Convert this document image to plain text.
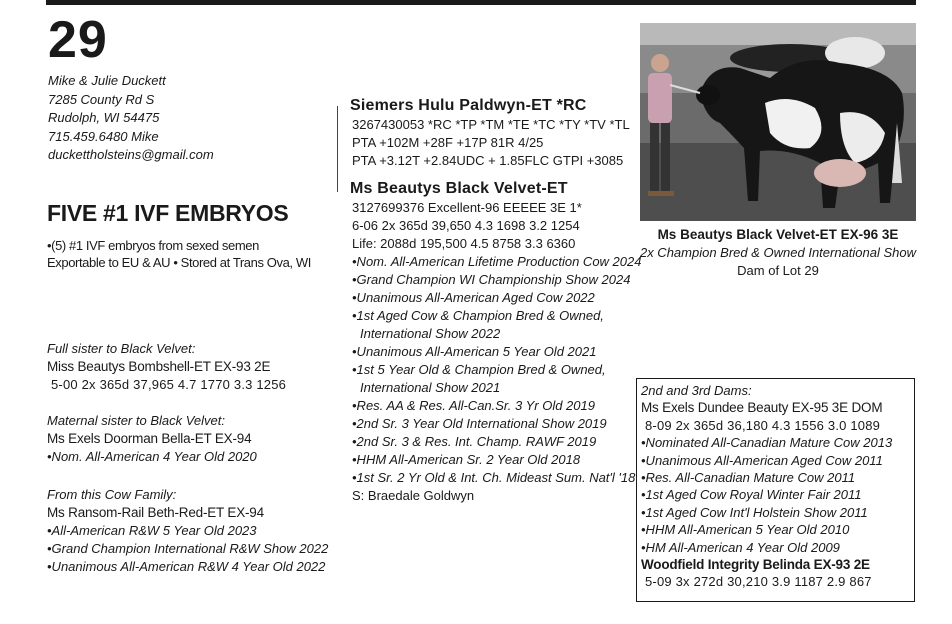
29
Mike & Julie Duckett
7285 County Rd S
Rudolph, WI 54475
715.459.6480 Mike
duckettholsteins@gmail.com
FIVE #1 IVF EMBRYOS
•(5) #1 IVF embryos from sexed semen
Exportable to EU & AU • Stored at Trans Ova, WI
Full sister to Black Velvet:
Miss Beautys Bombshell-ET EX-93 2E
5-00 2x 365d 37,965 4.7 1770 3.3 1256
Maternal sister to Black Velvet:
Ms Exels Doorman Bella-ET EX-94
•Nom. All-American 4 Year Old 2020
From this Cow Family:
Ms Ransom-Rail Beth-Red-ET EX-94
•All-American R&W 5 Year Old 2023
•Grand Champion International R&W Show 2022
•Unanimous All-American R&W 4 Year Old 2022
Siemers Hulu Paldwyn-ET *RC
3267430053 *RC *TP *TM *TE *TC *TY *TV *TL
PTA +102M +28F +17P 81R 4/25
PTA +3.12T +2.84UDC + 1.85FLC GTPI +3085
Ms Beautys Black Velvet-ET
3127699376 Excellent-96 EEEEE 3E 1*
6-06 2x 365d 39,650 4.3 1698 3.2 1254
Life: 2088d 195,500 4.5 8758 3.3 6360
•Nom. All-American Lifetime Production Cow 2024
•Grand Champion WI Championship Show 2024
•Unanimous All-American Aged Cow 2022
•1st Aged Cow & Champion Bred & Owned,
International Show 2022
•Unanimous All-American 5 Year Old 2021
•1st 5 Year Old & Champion Bred & Owned,
International Show 2021
•Res. AA & Res. All-Can.Sr. 3 Yr Old 2019
•2nd Sr. 3 Year Old International Show 2019
•2nd Sr. 3 & Res. Int. Champ. RAWF 2019
•HHM All-American Sr. 2 Year Old 2018
•1st Sr. 2 Yr Old & Int. Ch. Mideast Sum. Nat'l '18
S: Braedale Goldwyn
Ms Beautys Black Velvet-ET EX-96 3E
2x Champion Bred & Owned International Show
Dam of Lot 29
2nd and 3rd Dams:
Ms Exels Dundee Beauty EX-95 3E DOM
8-09 2x 365d 36,180 4.3 1556 3.0 1089
•Nominated All-Canadian Mature Cow 2013
•Unanimous All-American Aged Cow 2011
•Res. All-Canadian Mature Cow 2011
•1st Aged Cow Royal Winter Fair 2011
•1st Aged Cow Int'l Holstein Show 2011
•HHM All-American 5 Year Old 2010
•HM All-American 4 Year Old 2009
Woodfield Integrity Belinda EX-93 2E
5-09 3x 272d 30,210 3.9 1187 2.9 867
